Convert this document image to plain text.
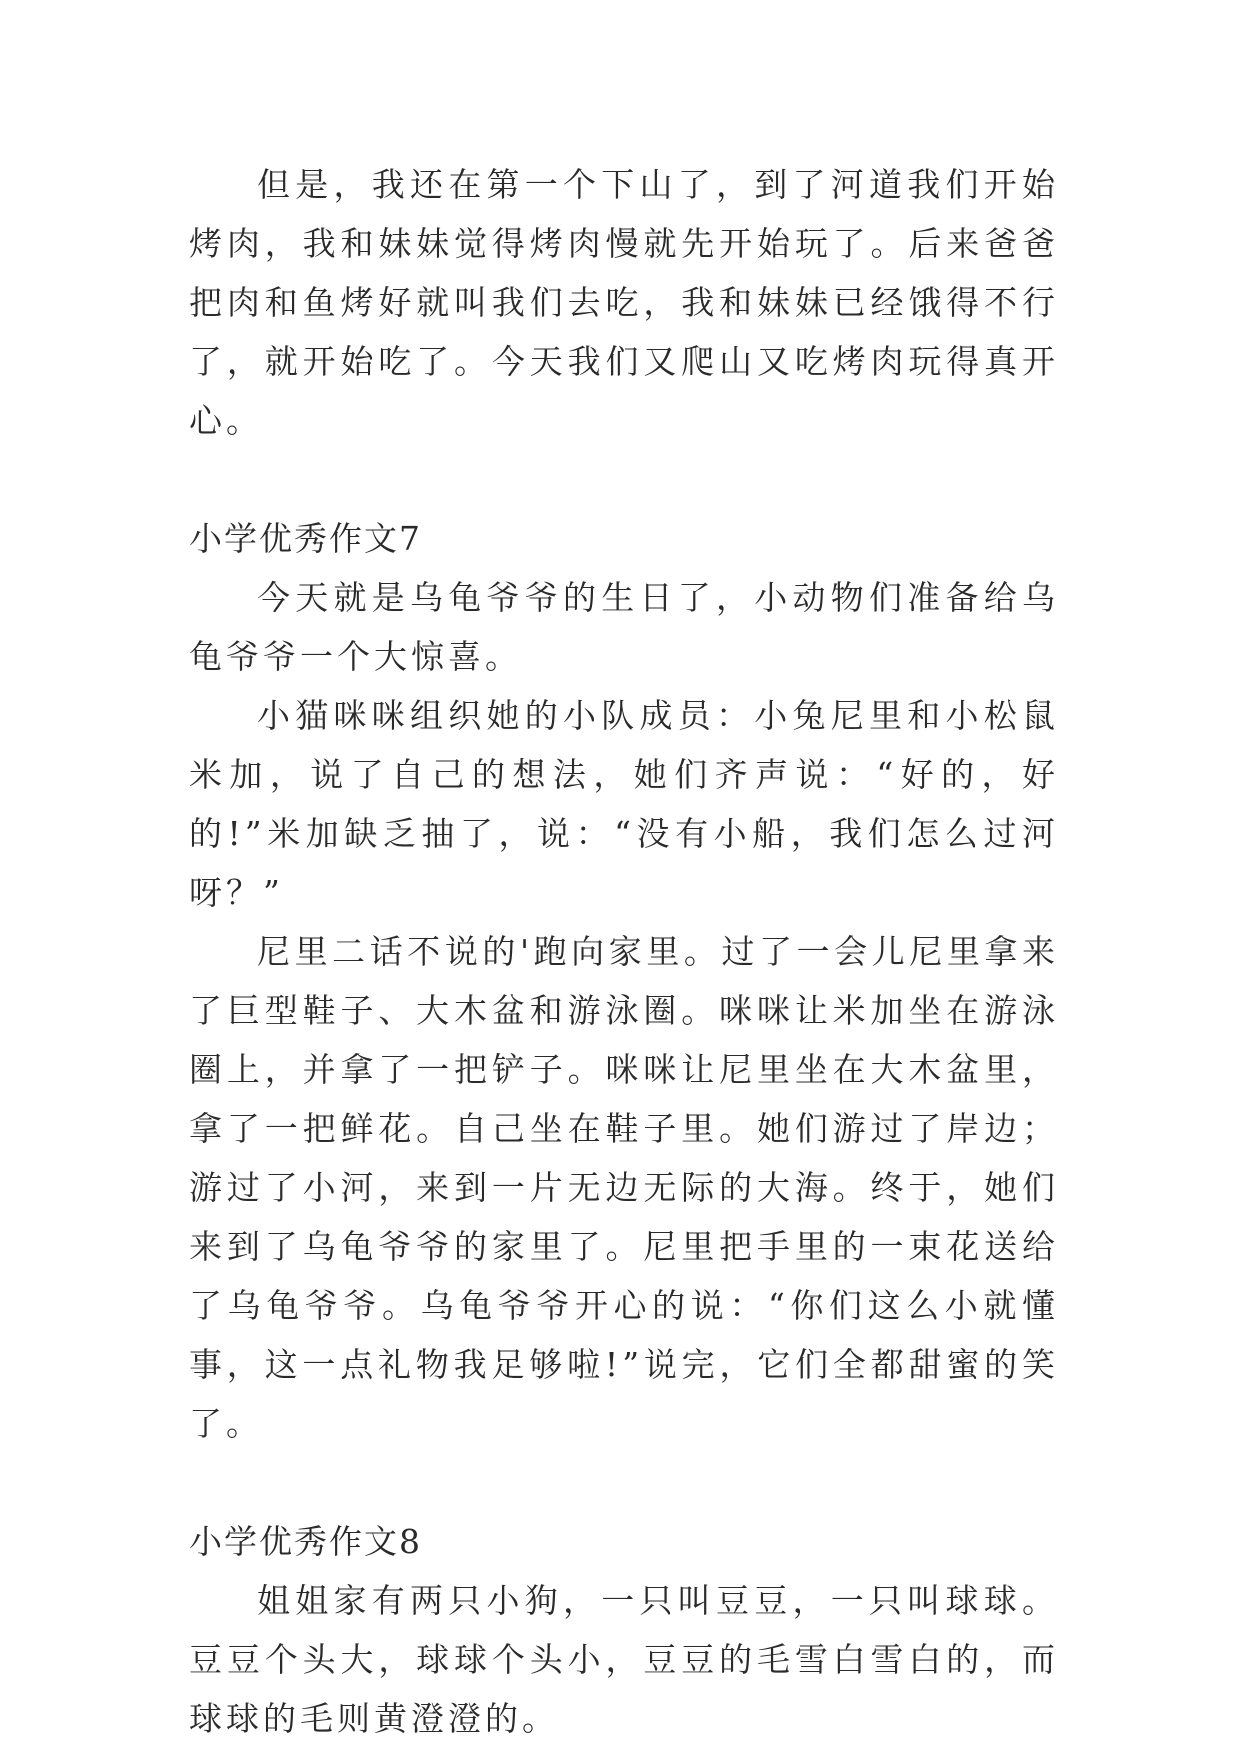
但是，我还在第一个下山了，到了河道我们开始烤肉，我和妹妹觉得烤肉慢就先开始玩了。后来爸爸把肉和鱼烤好就叫我们去吃，我和妹妹已经饿得不行了，就开始吃了。今天我们又爬山又吃烤肉玩得真开心。

小学优秀作文7

今天就是乌龟爷爷的生日了，小动物们准备给乌龟爷爷一个大惊喜。

小猫咪咪组织她的小队成员：小兔尼里和小松鼠米加，说了自己的想法，她们齐声说：“好的，好的!”米加缺乏抽了，说：“没有小船，我们怎么过河呀？”

尼里二话不说的'跑向家里。过了一会儿尼里拿来了巨型鞋子、大木盆和游泳圈。咪咪让米加坐在游泳圈上，并拿了一把铲子。咪咪让尼里坐在大木盆里，拿了一把鲜花。自己坐在鞋子里。她们游过了岸边；游过了小河，来到一片无边无际的大海。终于，她们来到了乌龟爷爷的家里了。尼里把手里的一束花送给了乌龟爷爷。乌龟爷爷开心的说：“你们这么小就懂事，这一点礼物我足够啦!”说完，它们全都甜蜜的笑了。

小学优秀作文8

姐姐家有两只小狗，一只叫豆豆，一只叫球球。豆豆个头大，球球个头小，豆豆的毛雪白雪白的，而球球的毛则黄澄澄的。
